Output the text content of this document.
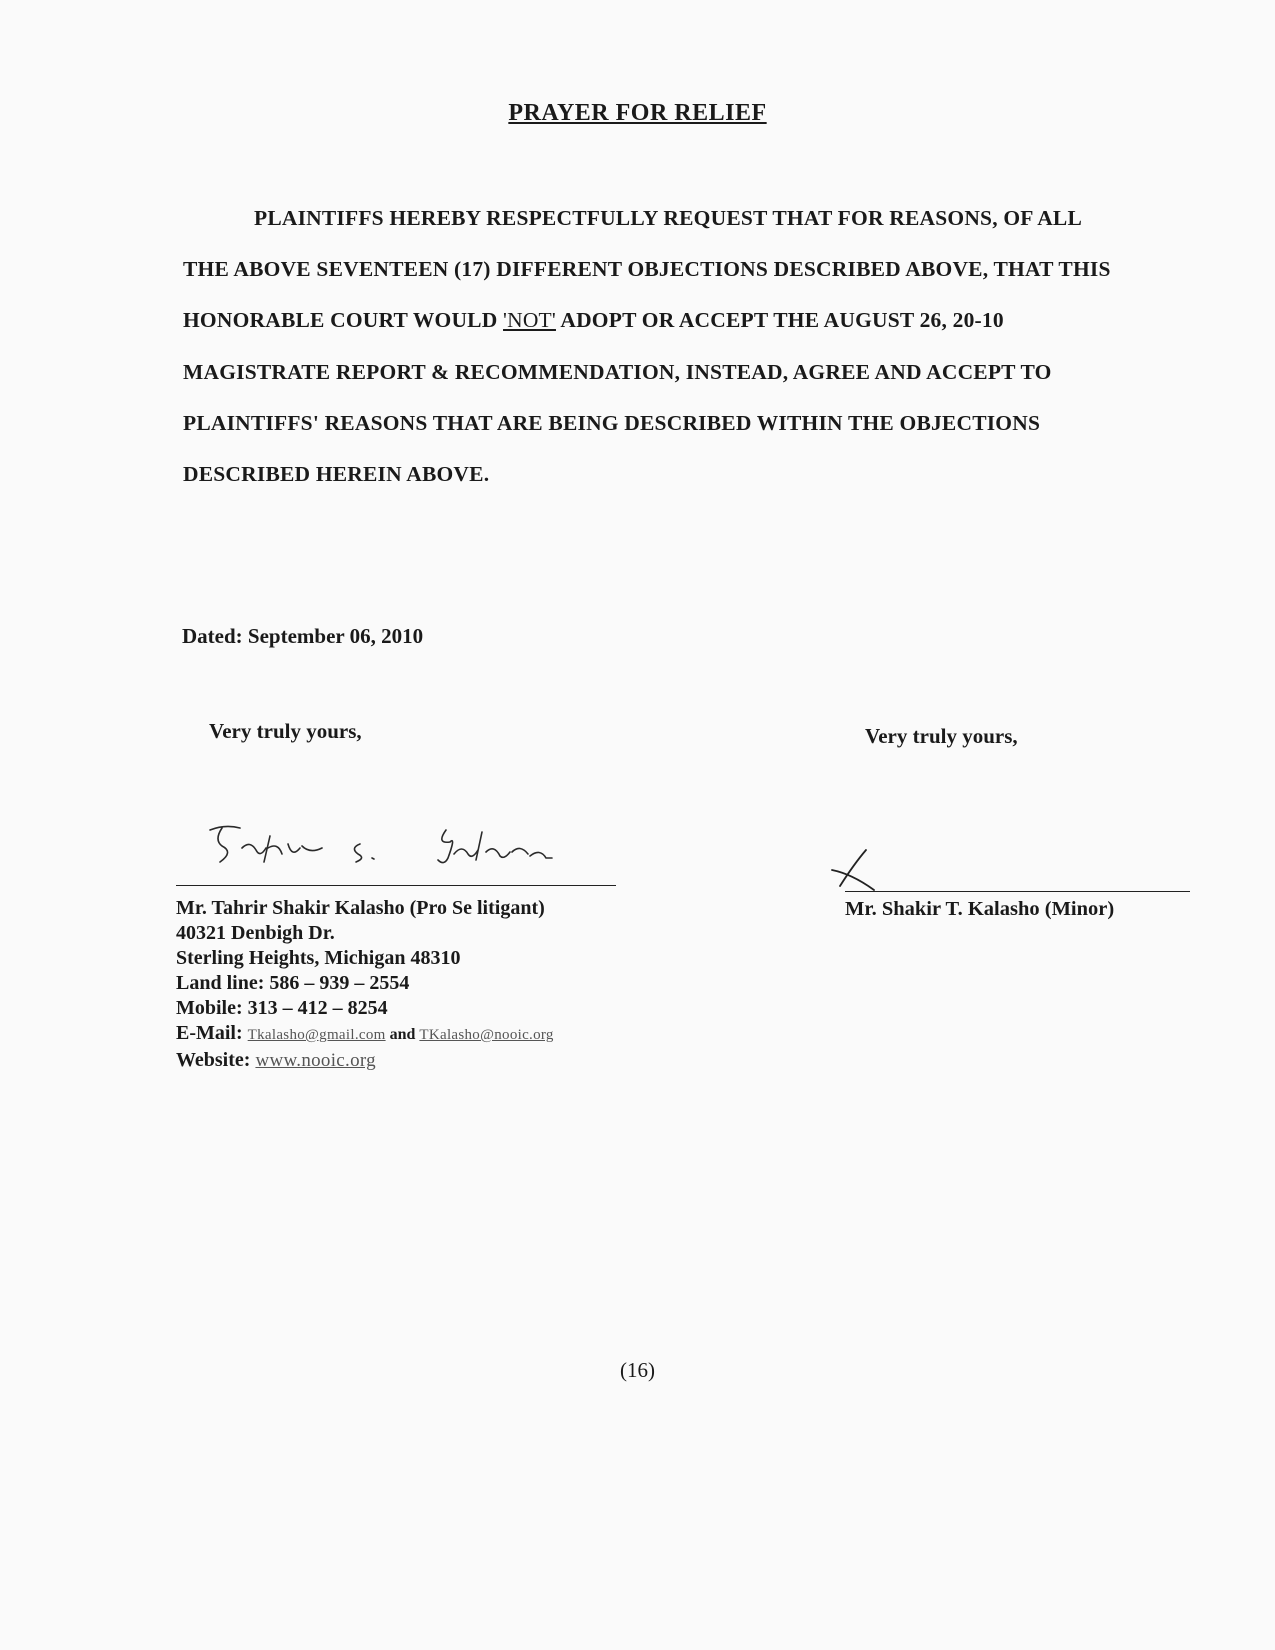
PRAYER FOR RELIEF
PLAINTIFFS HEREBY RESPECTFULLY REQUEST THAT FOR REASONS, OF ALL
THE ABOVE SEVENTEEN (17) DIFFERENT OBJECTIONS DESCRIBED ABOVE, THAT THIS
HONORABLE COURT WOULD 'NOT' ADOPT OR ACCEPT THE AUGUST 26, 20-10
MAGISTRATE REPORT & RECOMMENDATION, INSTEAD, AGREE AND ACCEPT TO
PLAINTIFFS' REASONS THAT ARE BEING DESCRIBED WITHIN THE OBJECTIONS
DESCRIBED HEREIN ABOVE.
Dated: September 06, 2010
Very truly yours,	Very truly yours,
Mr. Tahrir Shakir Kalasho (Pro Se litigant)
40321 Denbigh Dr.
Sterling Heights, Michigan 48310
Land line: 586 – 939 – 2554
Mobile: 313 – 412 – 8254
E-Mail: Tkalasho@gmail.com and TKalasho@nooic.org
Website: www.nooic.org
Mr. Shakir T. Kalasho (Minor)
(16)
